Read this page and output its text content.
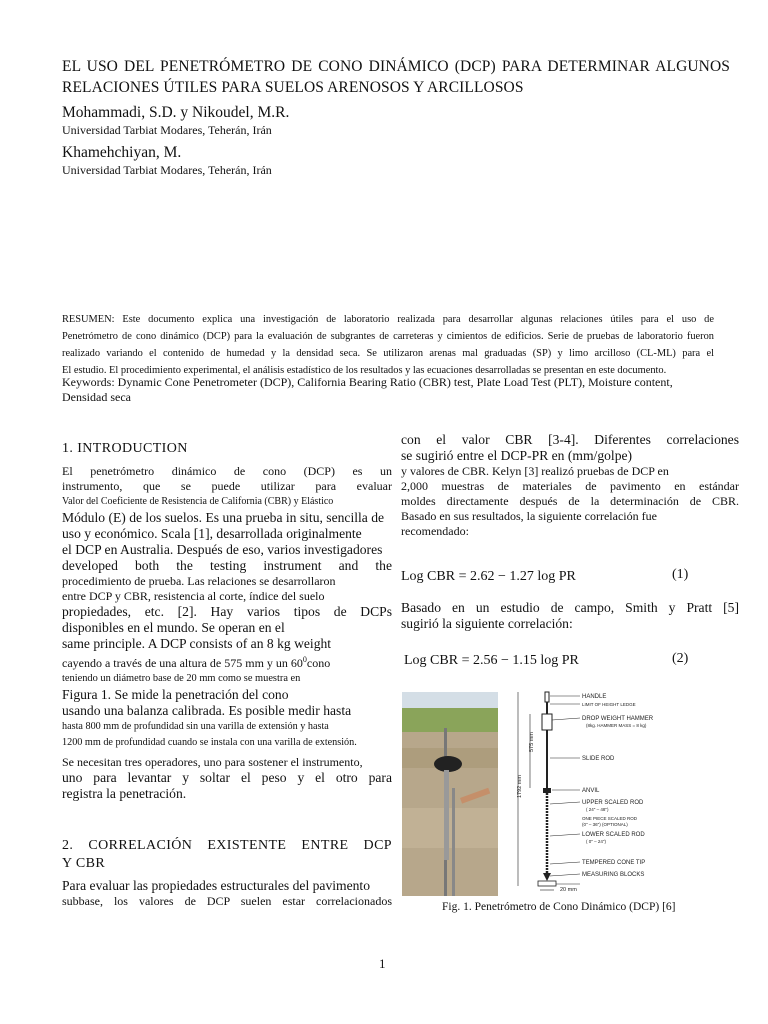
EL USO DEL PENETRÓMETRO DE CONO DINÁMICO (DCP) PARA DETERMINAR ALGUNOS RELACIONES ÚTILES PARA SUELOS ARENOSOS Y ARCILLOSOS
Mohammadi, S.D. y Nikoudel, M.R.
Universidad Tarbiat Modares, Teherán, Irán
Khamehchiyan, M.
Universidad Tarbiat Modares, Teherán, Irán
RESUMEN: Este documento explica una investigación de laboratorio realizada para desarrollar algunas relaciones útiles para el uso de
Penetrómetro de cono dinámico (DCP) para la evaluación de subgrantes de carreteras y cimientos de edificios. Serie de pruebas de laboratorio fueron
realizado variando el contenido de humedad y la densidad seca. Se utilizaron arenas mal graduadas (SP) y limo arcilloso (CL-ML) para el
El estudio. El procedimiento experimental, el análisis estadístico de los resultados y las ecuaciones desarrolladas se presentan en este documento.
Keywords: Dynamic Cone Penetrometer (DCP), California Bearing Ratio (CBR) test, Plate Load Test (PLT), Moisture content, Densidad seca
1. INTRODUCTION
El penetrómetro dinámico de cono (DCP) es un
instrumento, que se puede utilizar para evaluar
Valor del Coeficiente de Resistencia de California (CBR) y Elástico
Módulo (E) de los suelos. Es una prueba in situ, sencilla de
uso y económico. Scala [1], desarrollada originalmente
el DCP en Australia. Después de eso, varios investigadores
developed both the testing instrument and the
procedimiento de prueba. Las relaciones se desarrollaron
entre DCP y CBR, resistencia al corte, índice del suelo
propiedades, etc. [2]. Hay varios tipos de DCPs
disponibles en el mundo. Se operan en el
same principle. A DCP consists of an 8 kg weight
cayendo a través de una altura de 575 mm y un $60^0cono$
teniendo un diámetro base de 20 mm como se muestra en
Figura 1. Se mide la penetración del cono
usando una balanza calibrada. Es posible medir hasta
hasta 800 mm de profundidad sin una varilla de extensión y hasta
1200 mm de profundidad cuando se instala con una varilla de extensión.
Se necesitan tres operadores, uno para sostener el instrumento,
uno para levantar y soltar el peso y el otro para
registra la penetración.
2. CORRELACIÓN EXISTENTE ENTRE DCP
Y CBR
Para evaluar las propiedades estructurales del pavimento
subbase, los valores de DCP suelen estar correlacionados
con el valor CBR [3-4]. Diferentes correlaciones
se sugirió entre el DCP-PR en (mm/golpe)
y valores de CBR. Kelyn [3] realizó pruebas de DCP en
2,000 muestras de materiales de pavimento en estándar
moldes directamente después de la determinación de CBR.
Basado en sus resultados, la siguiente correlación fue
recomendado:
Log CBR = 2.62 − 1.27 log PR	(1)
Basado en un estudio de campo, Smith y Pratt [5]
sugirió la siguiente correlación:
Log CBR = 2.56 − 1.15 log PR	(2)
575 mm
1792 mm
20 mm
HANDLE
LIMIT OF HEIGHT LEDGE
DROP WEIGHT HAMMER
(8kg. HAMMER MASS = 8 kg)
SLIDE ROD
ANVIL
UPPER SCALED ROD
( 24" – 48")
ONE PIECE SCALED ROD
(0" – 36") (OPTIONAL)
LOWER SCALED ROD
( 0" – 24")
TEMPERED CONE TIP
MEASURING BLOCKS
Fig. 1. Penetrómetro de Cono Dinámico (DCP) [6]
1
